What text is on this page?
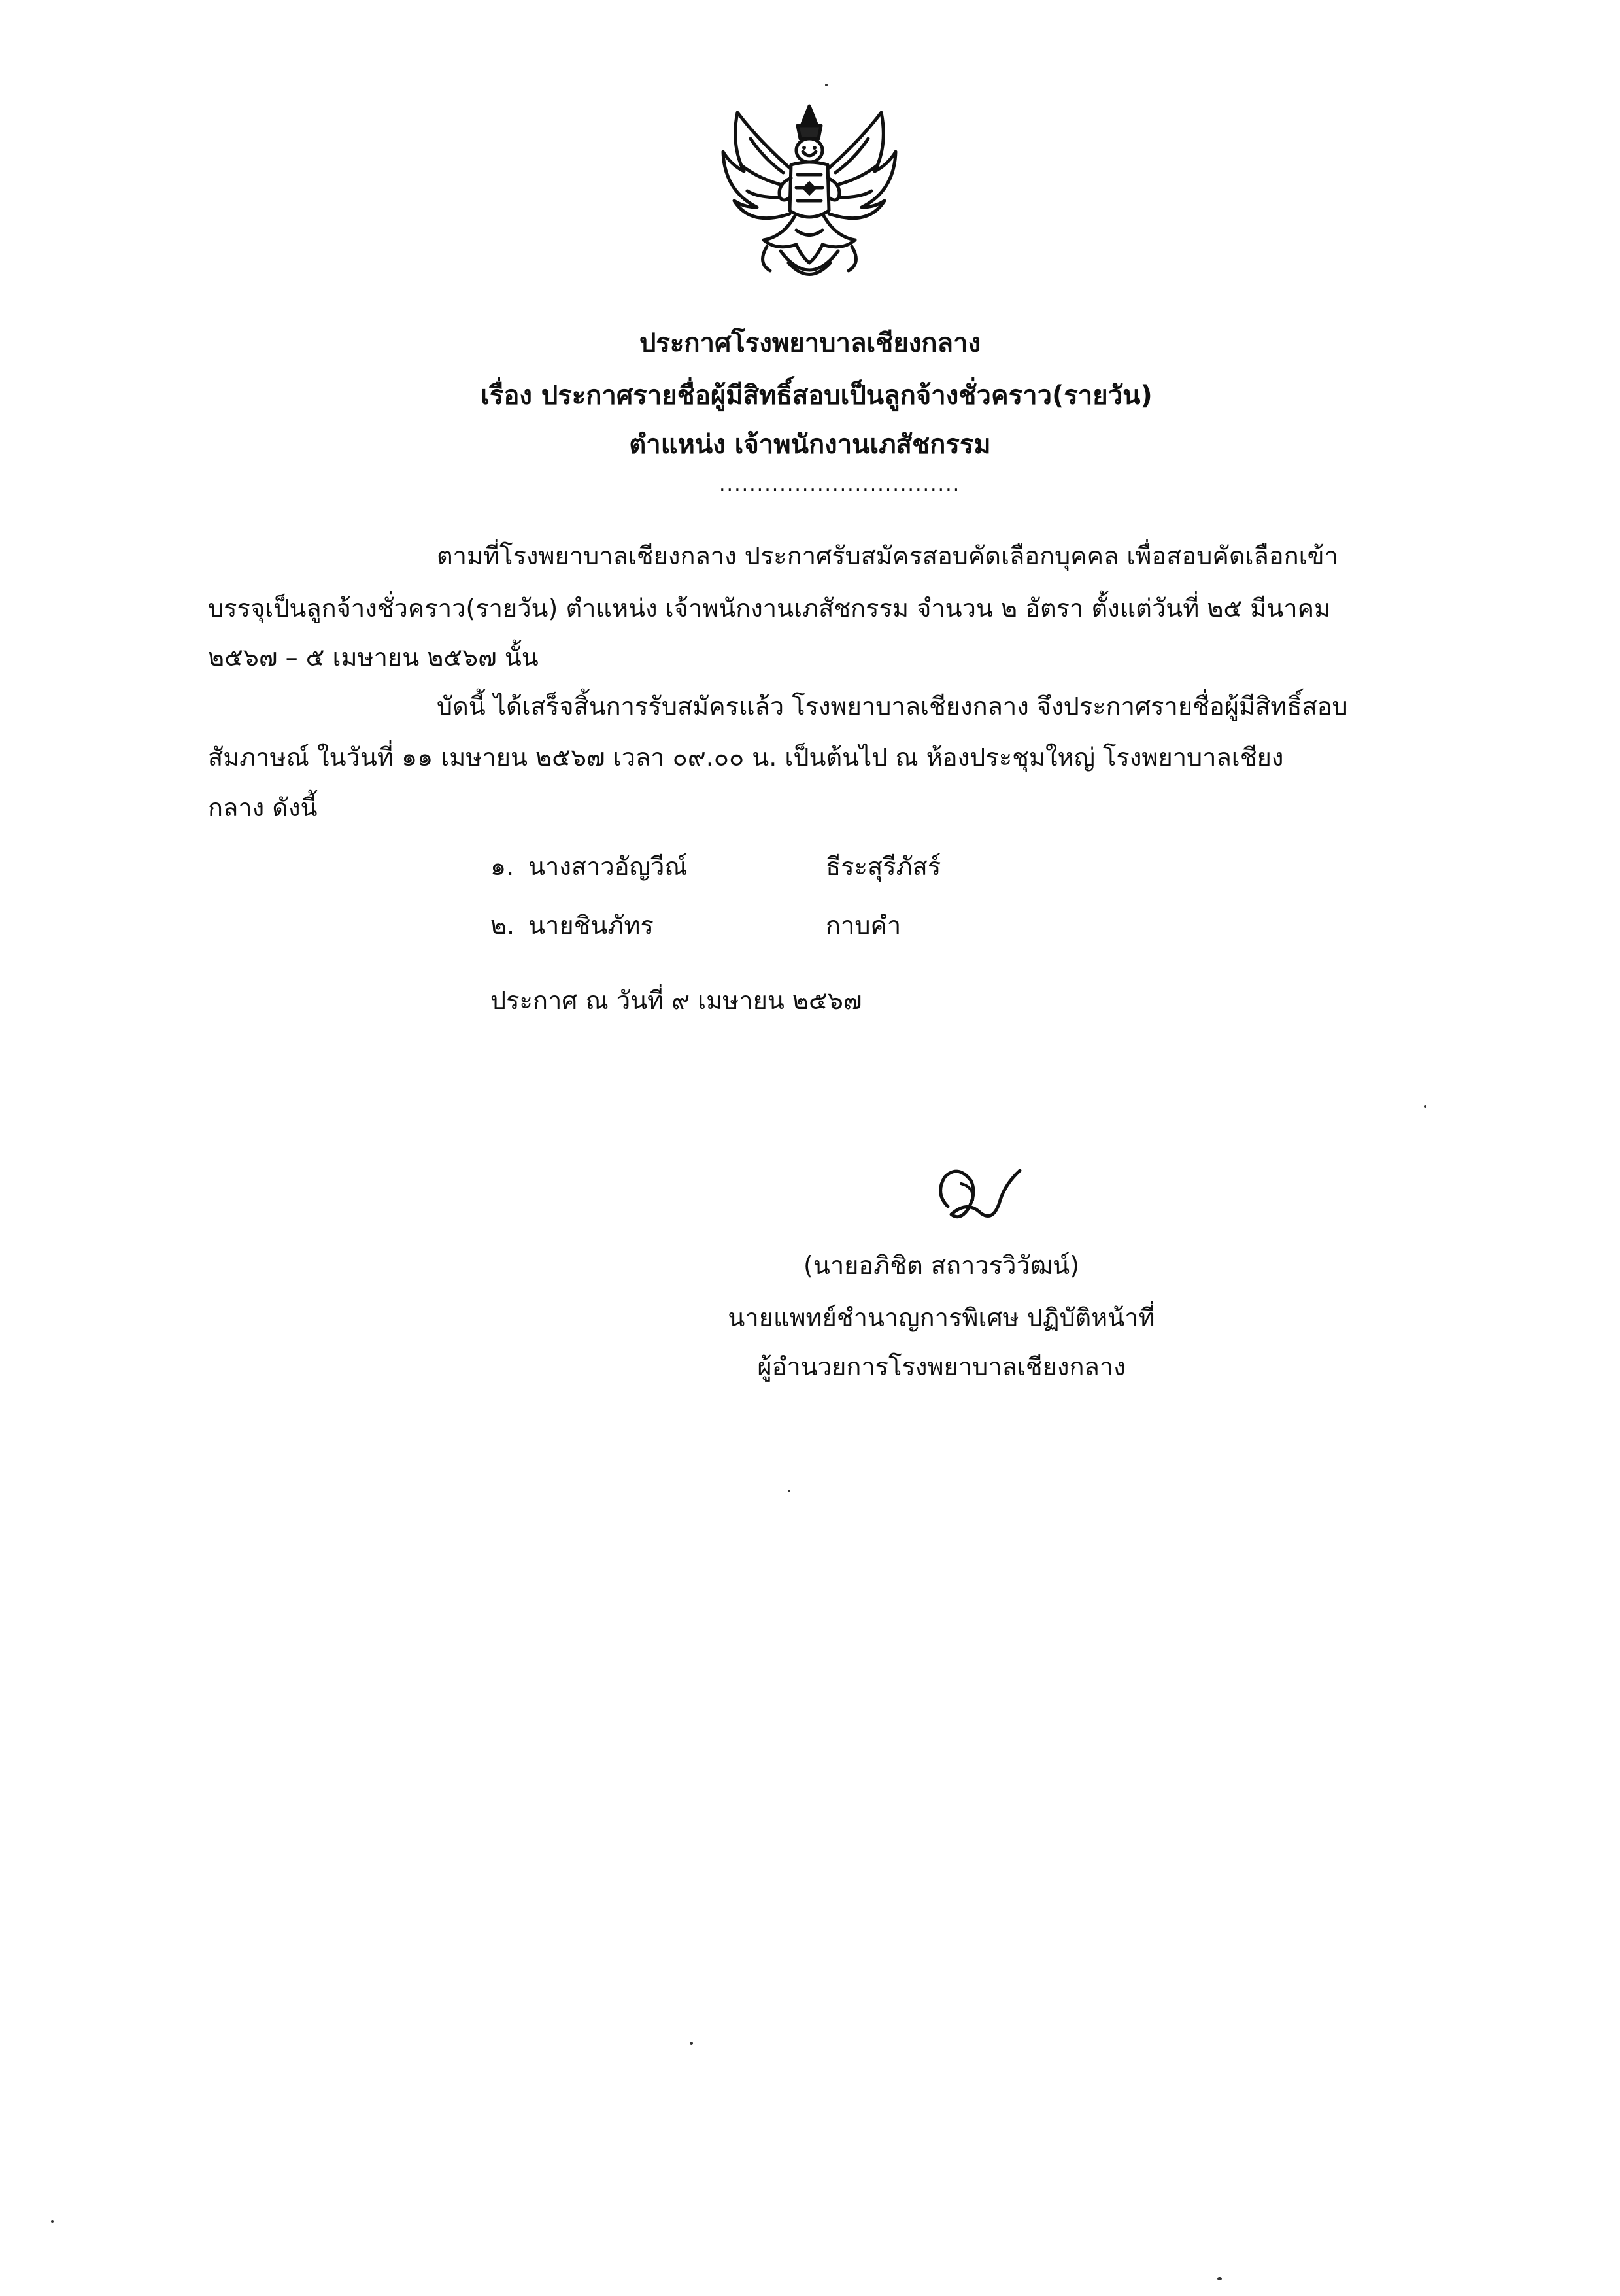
ประกาศโรงพยาบาลเชียงกลาง
เรื่อง ประกาศรายชื่อผู้มีสิทธิ์สอบเป็นลูกจ้างชั่วคราว(รายวัน)
ตำแหน่ง เจ้าพนักงานเภสัชกรรม
................................
ตามที่โรงพยาบาลเชียงกลาง ประกาศรับสมัครสอบคัดเลือกบุคคล เพื่อสอบคัดเลือกเข้า
บรรจุเป็นลูกจ้างชั่วคราว(รายวัน) ตำแหน่ง เจ้าพนักงานเภสัชกรรม จำนวน ๒ อัตรา ตั้งแต่วันที่ ๒๕ มีนาคม
๒๕๖๗ – ๕ เมษายน ๒๕๖๗ นั้น
บัดนี้ ได้เสร็จสิ้นการรับสมัครแล้ว โรงพยาบาลเชียงกลาง จึงประกาศรายชื่อผู้มีสิทธิ์สอบ
สัมภาษณ์ ในวันที่ ๑๑ เมษายน ๒๕๖๗ เวลา ๐๙.๐๐ น. เป็นต้นไป ณ ห้องประชุมใหญ่ โรงพยาบาลเชียง
กลาง ดังนี้
๑. นางสาวอัญวีณ์	ธีระสุรีภัสร์
๒. นายชินภัทร	กาบคำ
ประกาศ ณ วันที่ ๙ เมษายน ๒๕๖๗
(นายอภิชิต สถาวรวิวัฒน์)
นายแพทย์ชำนาญการพิเศษ ปฏิบัติหน้าที่
ผู้อำนวยการโรงพยาบาลเชียงกลาง
